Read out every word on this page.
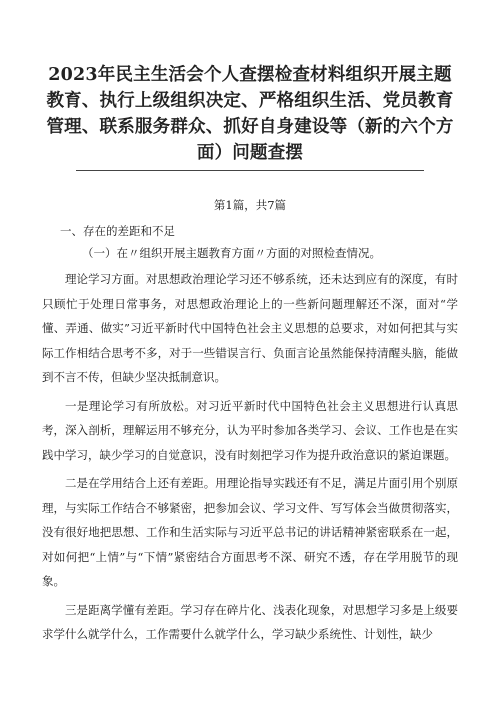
2023年民主生活会个人查摆检查材料组织开展主题教育、执行上级组织决定、严格组织生活、党员教育管理、联系服务群众、抓好自身建设等（新的六个方面）问题查摆
第1篇，共7篇
一、存在的差距和不足
（一）在〃组织开展主题教育方面〃方面的对照检查情况。

理论学习方面。对思想政治理论学习还不够系统，还未达到应有的深度，有时只顾忙于处理日常事务，对思想政治理论上的一些新问题理解还不深，面对“学懂、弄通、做实”习近平新时代中国特色社会主义思想的总要求，对如何把其与实际工作相结合思考不多，对于一些错误言行、负面言论虽然能保持清醒头脑，能做到不言不传，但缺少坚决抵制意识。

一是理论学习有所放松。对习近平新时代中国特色社会主义思想进行认真思考，深入剖析，理解运用不够充分，认为平时参加各类学习、会议、工作也是在实践中学习，缺少学习的自觉意识，没有时刻把学习作为提升政治意识的紧迫课题。

二是在学用结合上还有差距。用理论指导实践还有不足，满足片面引用个别原理，与实际工作结合不够紧密，把参加会议、学习文件、写写体会当做贯彻落实，没有很好地把思想、工作和生活实际与习近平总书记的讲话精神紧密联系在一起，对如何把“上情”与“下情”紧密结合方面思考不深、研究不透，存在学用脱节的现象。

三是距离学懂有差距。学习存在碎片化、浅表化现象，对思想学习多是上级要求学什么就学什么，工作需要什么就学什么，学习缺少系统性、计划性，缺少
